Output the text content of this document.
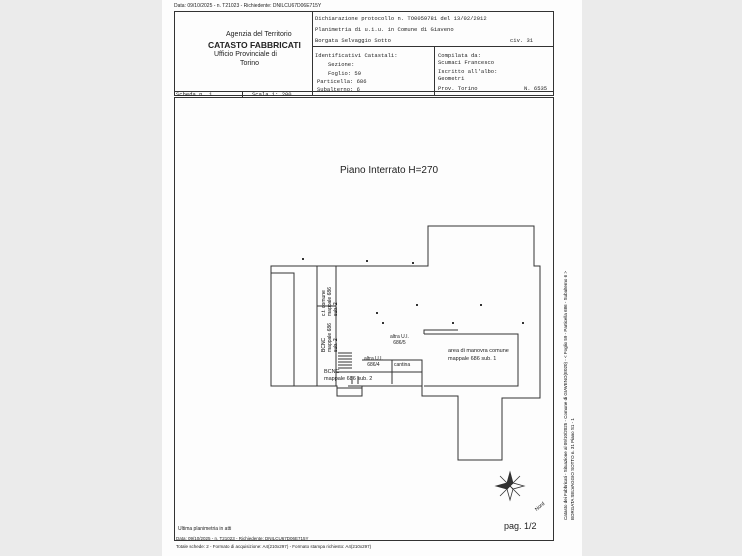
Data: 09/10/2025 - n. T21023 - Richiedente: DNILCU67D06E715Y
Agenzia del Territorio
CATASTO FABBRICATI
Ufficio Provinciale di
Torino
Dichiarazione protocollo n. TO0059781 del 13/02/2012
Planimetria di u.i.u. in Comune di Giaveno
Borgata Selvaggio Sotto	civ. 31
Identificativi Catastali:
Sezione:
Foglio: 59
Particella: 686
Subalterno: 6
Compilata da:
Scumaci Francesco
Iscritto all'albo:
Geometri
Prov. Torino	N. 6535
Scheda n. 1	Scala 1: 200
Piano Interrato H=270
c.t. comune mappale 686 sub. 2
BCNC mappale 686 sub. 2
altra U.I.
686/5
altra U.I.
686/4	cantina
area di manovra comune
mappale 686 sub. 1
BCNC
mappale 686 sub. 2
Nord
pag. 1/2
Ultima planimetria in atti
Data: 09/10/2025 - n. T21023 - Richiedente: DNILCU67D06E715Y
Totale schede: 2 - Formato di acquisizione: A4(210x297) - Formato stampa richiesto: A4(210x297)
Catasto dei Fabbricati - Situazione al 09/10/2025 - Comune di GIAVENO(E020) - < Foglio 59 - Particella 686 - Subalterno 6 > BORGATA SELVAGGIO SOTTO n. 31 Piano S1 - 1
